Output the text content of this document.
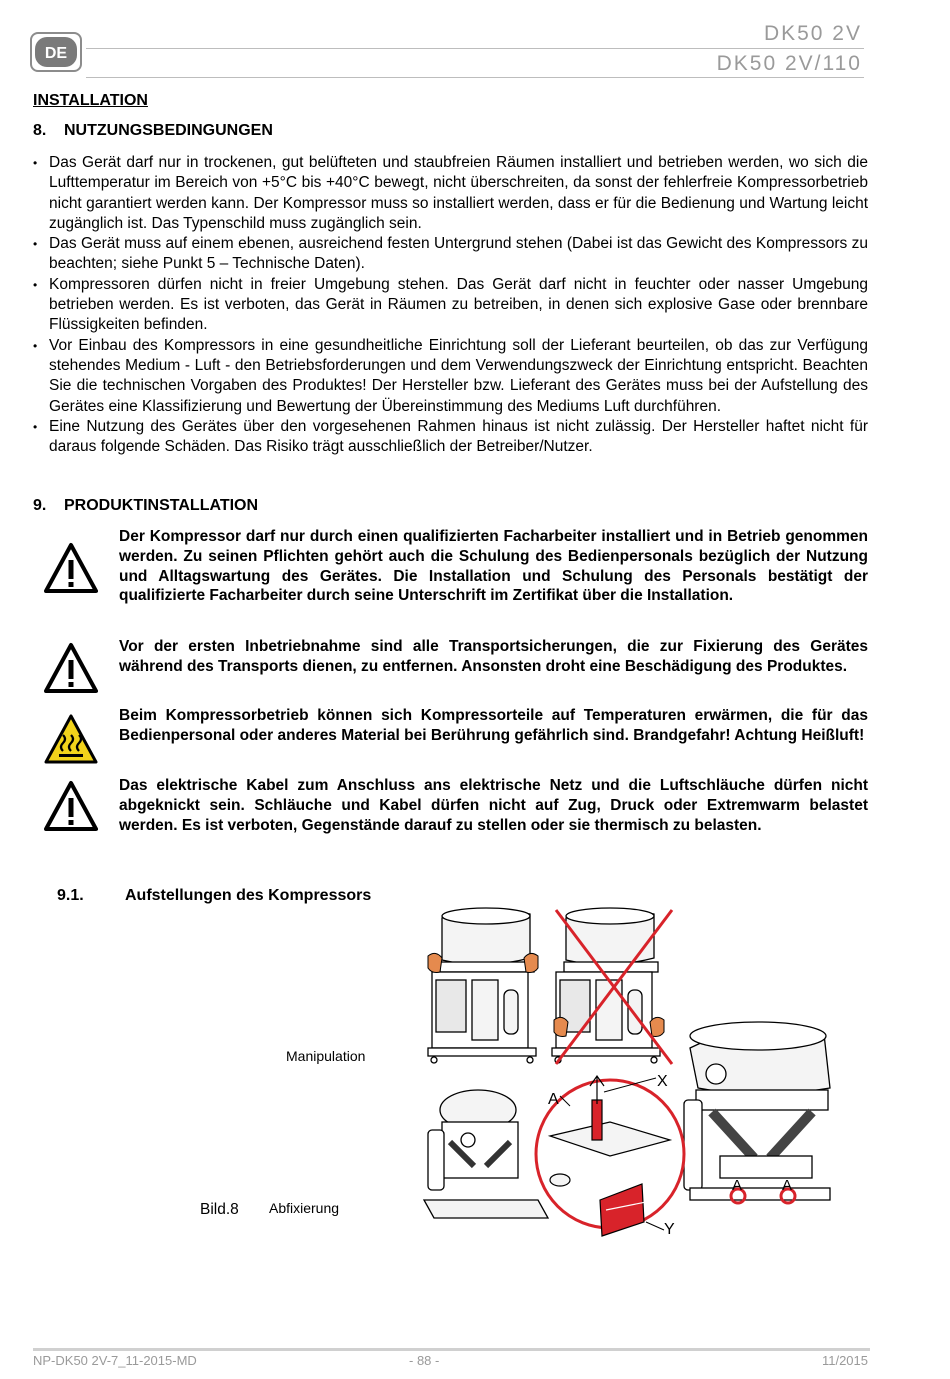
DE
DK50 2V
DK50 2V/110
INSTALLATION
8. NUTZUNGSBEDINGUNGEN
• Das Gerät darf nur in trockenen, gut belüfteten und staubfreien Räumen installiert und betrieben werden, wo sich die Lufttemperatur im Bereich von +5°C bis +40°C bewegt, nicht überschreiten, da sonst der fehlerfreie Kompressorbetrieb nicht garantiert werden kann. Der Kompressor muss so installiert werden, dass er für die Bedienung und Wartung leicht zugänglich ist. Das Typenschild muss zugänglich sein.
• Das Gerät muss auf einem ebenen, ausreichend festen Untergrund stehen (Dabei ist das Gewicht des Kompressors zu beachten; siehe Punkt 5 – Technische Daten).
• Kompressoren dürfen nicht in freier Umgebung stehen. Das Gerät darf nicht in feuchter oder nasser Umgebung betrieben werden. Es ist verboten, das Gerät in Räumen zu betreiben, in denen sich explosive Gase oder brennbare Flüssigkeiten befinden.
• Vor Einbau des Kompressors in eine gesundheitliche Einrichtung soll der Lieferant beurteilen, ob das zur Verfügung stehendes Medium - Luft - den Betriebsforderungen und dem Verwendungszweck der Einrichtung entspricht. Beachten Sie die technischen Vorgaben des Produktes! Der Hersteller bzw. Lieferant des Gerätes muss bei der Aufstellung des Gerätes eine Klassifizierung und Bewertung der Übereinstimmung des Mediums Luft durchführen.
• Eine Nutzung des Gerätes über den vorgesehenen Rahmen hinaus ist nicht zulässig. Der Hersteller haftet nicht für daraus folgende Schäden. Das Risiko trägt ausschließlich der Betreiber/Nutzer.
9. PRODUKTINSTALLATION

Der Kompressor darf nur durch einen qualifizierten Facharbeiter installiert und in Betrieb genommen werden. Zu seinen Pflichten gehört auch die Schulung des Bedienpersonals bezüglich der Nutzung und Alltagswartung des Gerätes. Die Installation und Schulung des Personals bestätigt der qualifizierte Facharbeiter durch seine Unterschrift im Zertifikat über die Installation.

Vor der ersten Inbetriebnahme sind alle Transportsicherungen, die zur Fixierung des Gerätes während des Transports dienen, zu entfernen. Ansonsten droht eine Beschädigung des Produktes.

Beim Kompressorbetrieb können sich Kompressorteile auf Temperaturen erwärmen, die für das Bedienpersonal oder anderes Material bei Berührung gefährlich sind. Brandgefahr! Achtung Heißluft!

Das elektrische Kabel zum Anschluss ans elektrische Netz und die Luftschläuche dürfen nicht abgeknickt sein. Schläuche und Kabel dürfen nicht auf Zug, Druck oder Extremwarm belastet werden. Es ist verboten, Gegenstände darauf zu stellen oder sie thermisch zu belasten.

9.1.	Aufstellungen des Kompressors
X
A
Y
A	A
Manipulation
Bild.8 Abfixierung
NP-DK50 2V-7_11-2015-MD	- 88 -	11/2015
